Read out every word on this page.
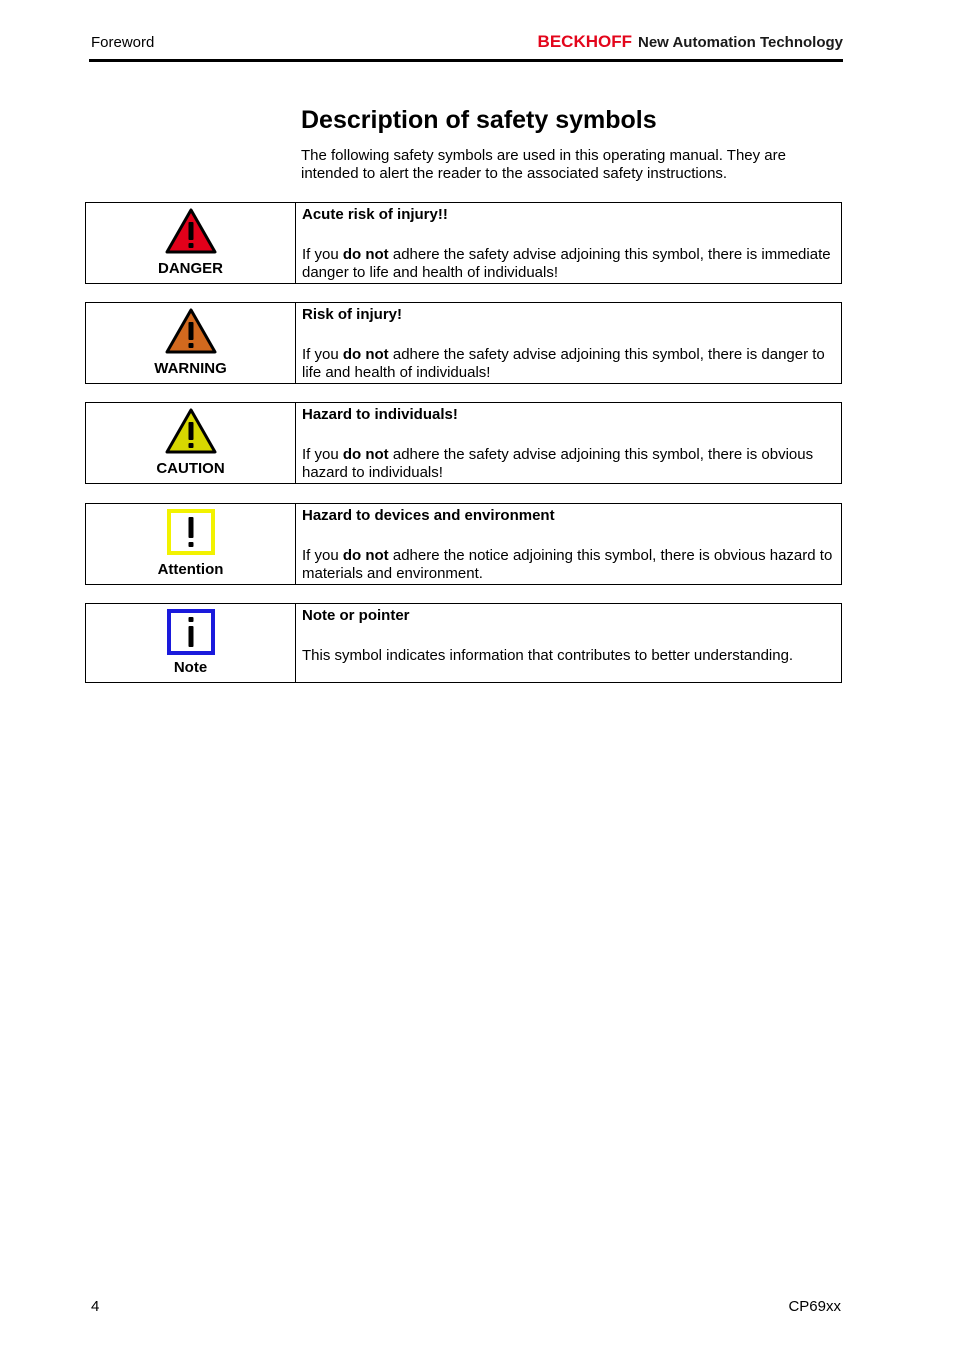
Foreword	BECKHOFF New Automation Technology
Description of safety symbols

The following safety symbols are used in this operating manual. They are intended to alert the reader to the associated safety instructions.

DANGER

Acute risk of injury!!

If you do not adhere the safety advise adjoining this symbol, there is immediate danger to life and health of individuals!

WARNING

Risk of injury!

If you do not adhere the safety advise adjoining this symbol, there is danger to life and health of individuals!

CAUTION

Hazard to individuals!

If you do not adhere the safety advise adjoining this symbol, there is obvious hazard to individuals!

Attention

Hazard to devices and environment

If you do not adhere the notice adjoining this symbol, there is obvious hazard to materials and environment.

Note

Note or pointer

This symbol indicates information that contributes to better understanding.

4	CP69xx
